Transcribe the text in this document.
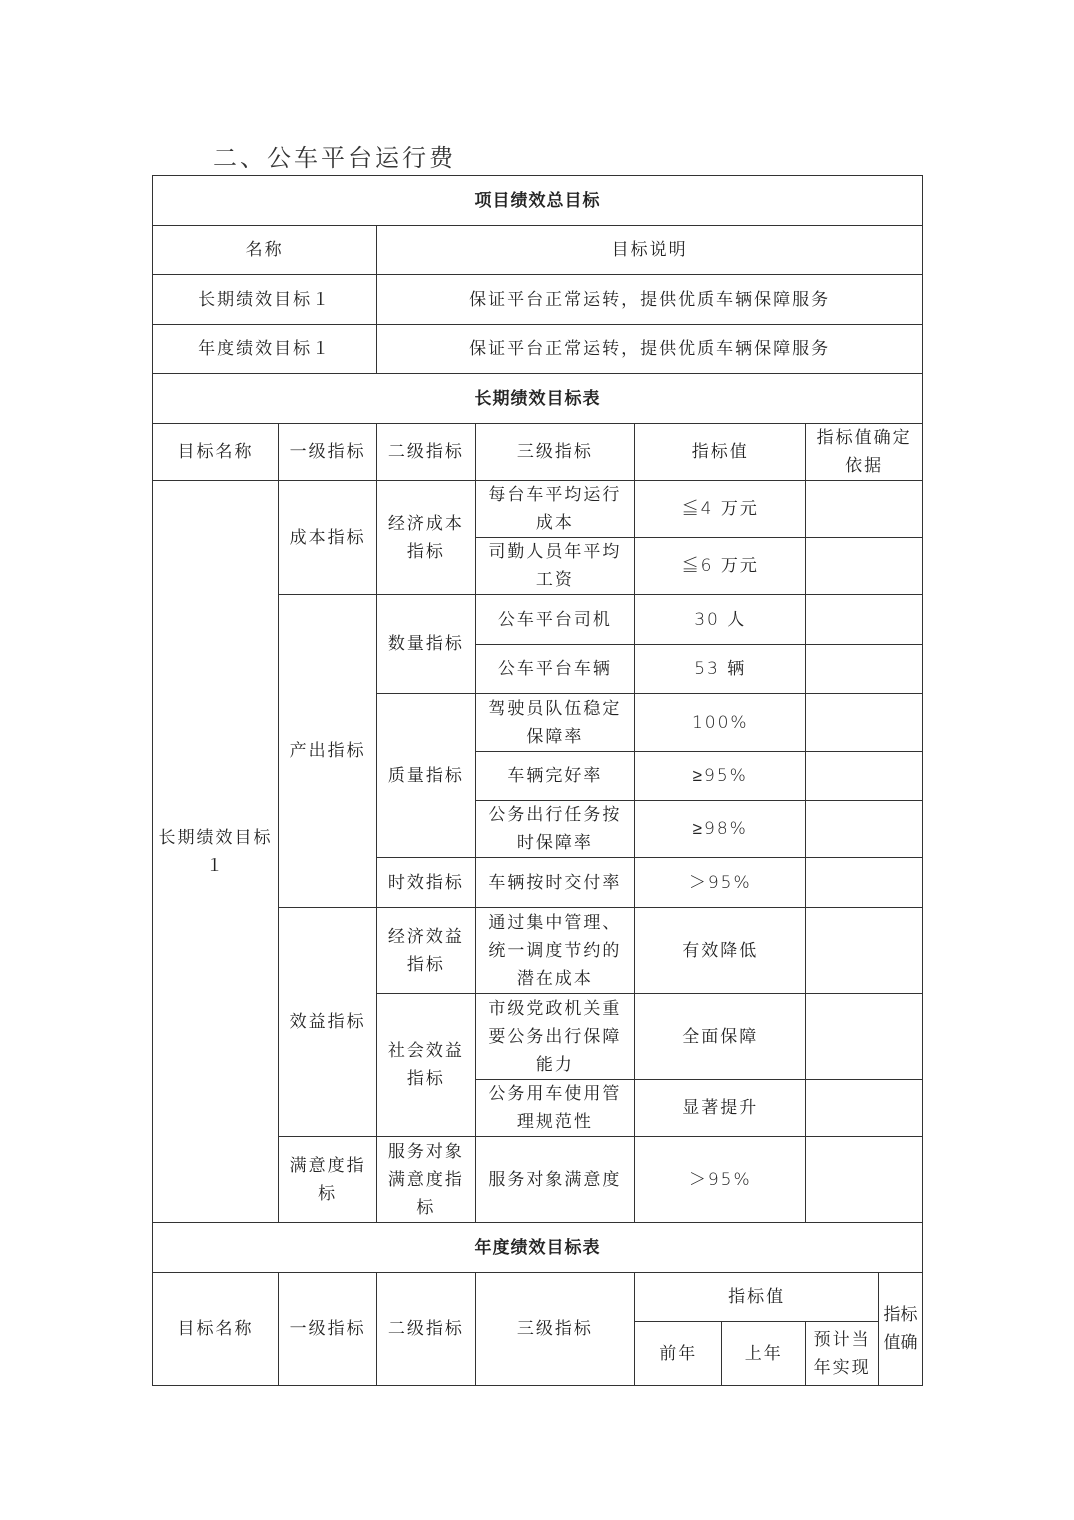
二、公车平台运行费
项目绩效总目标							
名称		目标说明					
长期绩效目标１		保证平台正常运转，提供优质车辆保障服务					
年度绩效目标１		保证平台正常运转，提供优质车辆保障服务					
长期绩效目标表							
目标名称	一级指标	二级指标	三级指标	指标值		指标值确定依据	
长期绩效目标１	成本指标	经济成本指标	每台车平均运行成本	≦4 万元			
			司勤人员年平均工资	≦6 万元			
	产出指标	数量指标	公车平台司机	30 人			
			公车平台车辆	53 辆			
		质量指标	驾驶员队伍稳定保障率	100%			
			车辆完好率	≥95%			
			公务出行任务按时保障率	≥98%			
		时效指标	车辆按时交付率	＞95%			
	效益指标	经济效益指标	通过集中管理、统一调度节约的潜在成本	有效降低			
		社会效益指标	市级党政机关重要公务出行保障能力	全面保障			
			公务用车使用管理规范性	显著提升			
	满意度指标	服务对象满意度指标	服务对象满意度	＞95%			
年度绩效目标表							
目标名称	一级指标	二级指标	三级指标	指标值			指标值确
				前年	上年	预计当年实现	
